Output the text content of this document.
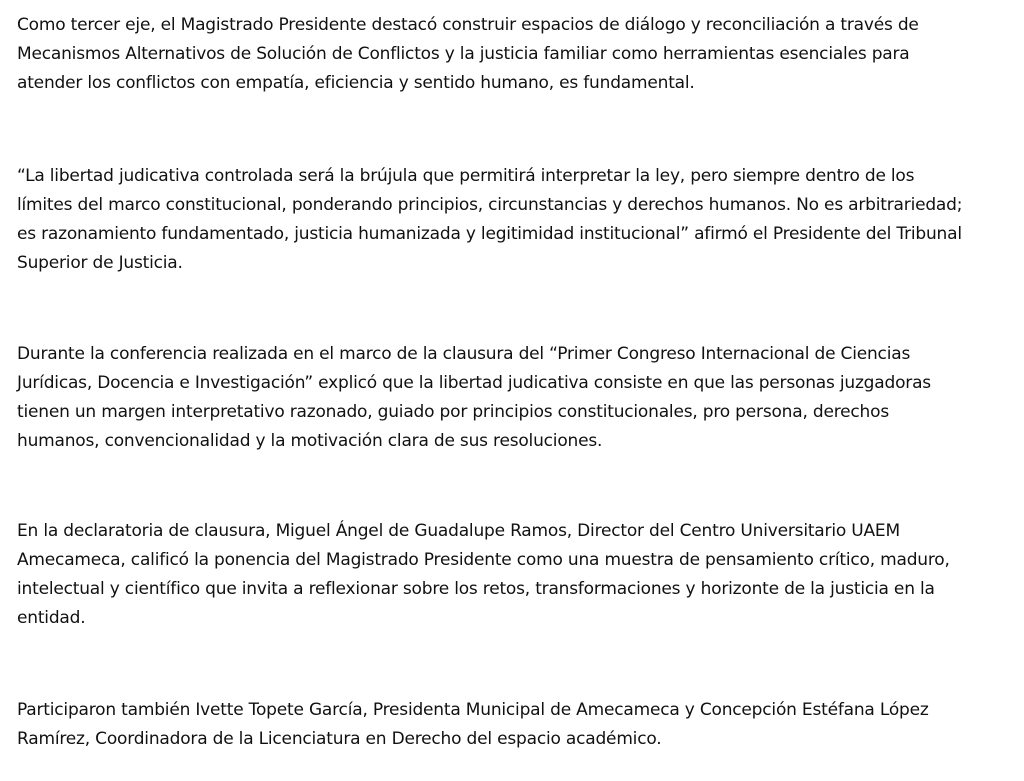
Como tercer eje, el Magistrado Presidente destacó construir espacios de diálogo y reconciliación a través de
Mecanismos Alternativos de Solución de Conflictos y la justicia familiar como herramientas esenciales para
atender los conflictos con empatía, eficiencia y sentido humano, es fundamental.

“La libertad judicativa controlada será la brújula que permitirá interpretar la ley, pero siempre dentro de los
límites del marco constitucional, ponderando principios, circunstancias y derechos humanos. No es arbitrariedad;
es razonamiento fundamentado, justicia humanizada y legitimidad institucional” afirmó el Presidente del Tribunal
Superior de Justicia.

Durante la conferencia realizada en el marco de la clausura del “Primer Congreso Internacional de Ciencias
Jurídicas, Docencia e Investigación” explicó que la libertad judicativa consiste en que las personas juzgadoras
tienen un margen interpretativo razonado, guiado por principios constitucionales, pro persona, derechos
humanos, convencionalidad y la motivación clara de sus resoluciones.

En la declaratoria de clausura, Miguel Ángel de Guadalupe Ramos, Director del Centro Universitario UAEM
Amecameca, calificó la ponencia del Magistrado Presidente como una muestra de pensamiento crítico, maduro,
intelectual y científico que invita a reflexionar sobre los retos, transformaciones y horizonte de la justicia en la
entidad.

Participaron también Ivette Topete García, Presidenta Municipal de Amecameca y Concepción Estéfana López
Ramírez, Coordinadora de la Licenciatura en Derecho del espacio académico.
